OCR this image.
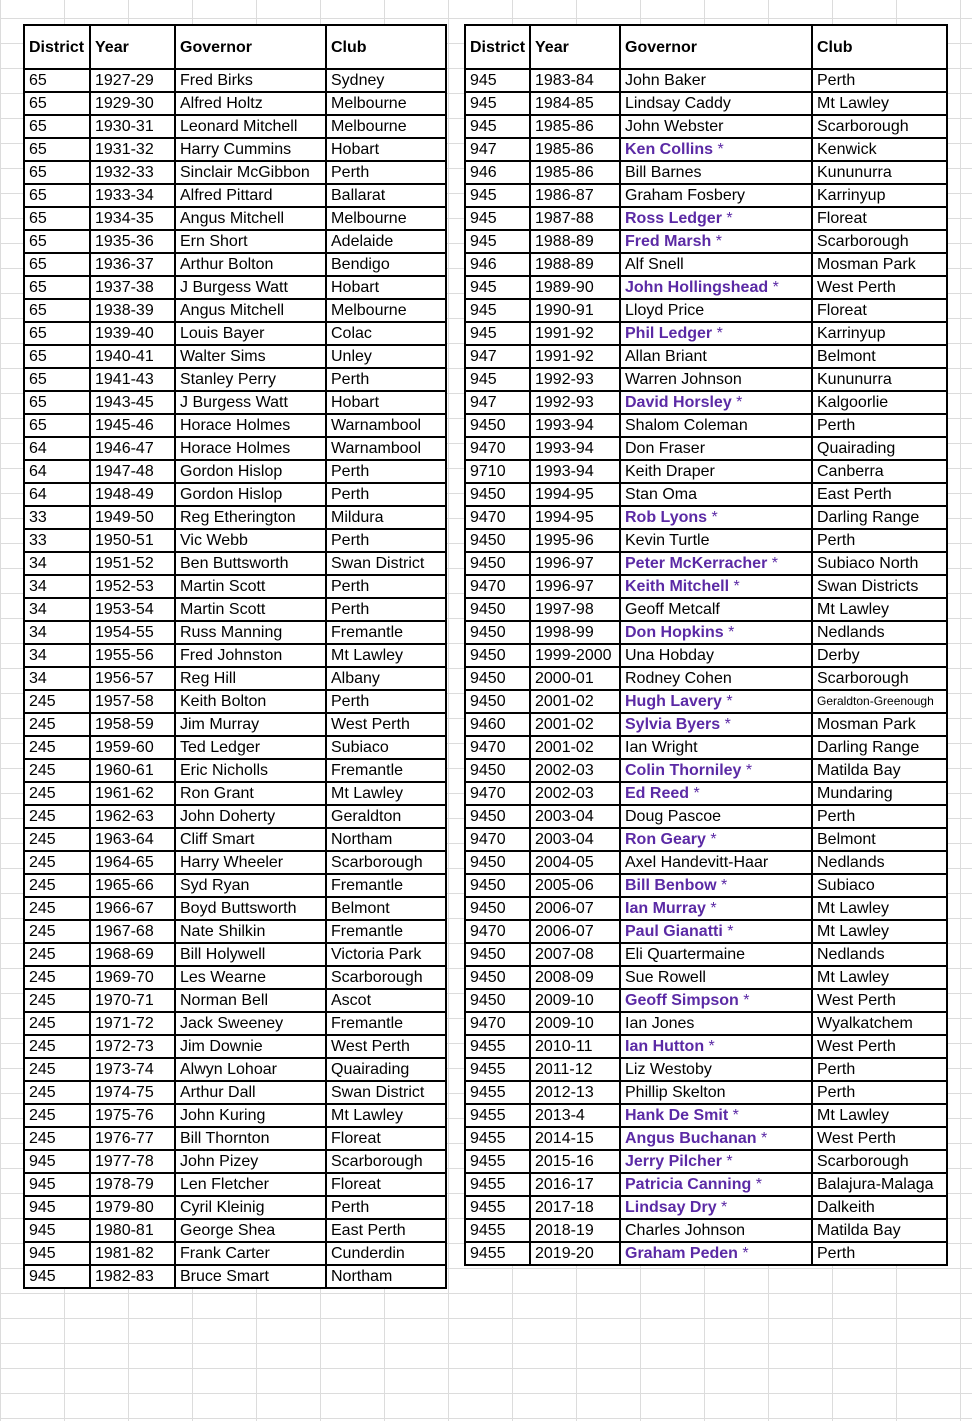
District	Year	Governor	Club
65	1927-29	Fred Birks	Sydney
65	1929-30	Alfred Holtz	Melbourne
65	1930-31	Leonard Mitchell	Melbourne
65	1931-32	Harry Cummins	Hobart
65	1932-33	Sinclair McGibbon	Perth
65	1933-34	Alfred Pittard	Ballarat
65	1934-35	Angus Mitchell	Melbourne
65	1935-36	Ern Short	Adelaide
65	1936-37	Arthur Bolton	Bendigo
65	1937-38	J Burgess Watt	Hobart
65	1938-39	Angus Mitchell	Melbourne
65	1939-40	Louis Bayer	Colac
65	1940-41	Walter Sims	Unley
65	1941-43	Stanley Perry	Perth
65	1943-45	J Burgess Watt	Hobart
65	1945-46	Horace Holmes	Warnambool
64	1946-47	Horace Holmes	Warnambool
64	1947-48	Gordon Hislop	Perth
64	1948-49	Gordon Hislop	Perth
33	1949-50	Reg Etherington	Mildura
33	1950-51	Vic Webb	Perth
34	1951-52	Ben Buttsworth	Swan District
34	1952-53	Martin Scott	Perth
34	1953-54	Martin Scott	Perth
34	1954-55	Russ Manning	Fremantle
34	1955-56	Fred Johnston	Mt Lawley
34	1956-57	Reg Hill	Albany
245	1957-58	Keith Bolton	Perth
245	1958-59	Jim Murray	West Perth
245	1959-60	Ted Ledger	Subiaco
245	1960-61	Eric Nicholls	Fremantle
245	1961-62	Ron Grant	Mt Lawley
245	1962-63	John Doherty	Geraldton
245	1963-64	Cliff Smart	Northam
245	1964-65	Harry Wheeler	Scarborough
245	1965-66	Syd Ryan	Fremantle
245	1966-67	Boyd Buttsworth	Belmont
245	1967-68	Nate Shilkin	Fremantle
245	1968-69	Bill Holywell	Victoria Park
245	1969-70	Les Wearne	Scarborough
245	1970-71	Norman Bell	Ascot
245	1971-72	Jack Sweeney	Fremantle
245	1972-73	Jim Downie	West Perth
245	1973-74	Alwyn Lohoar	Quairading
245	1974-75	Arthur Dall	Swan District
245	1975-76	John Kuring	Mt Lawley
245	1976-77	Bill Thornton	Floreat
945	1977-78	John Pizey	Scarborough
945	1978-79	Len Fletcher	Floreat
945	1979-80	Cyril Kleinig	Perth
945	1980-81	George Shea	East Perth
945	1981-82	Frank Carter	Cunderdin
945	1982-83	Bruce Smart	Northam
District	Year	Governor	Club
945	1983-84	John Baker	Perth
945	1984-85	Lindsay Caddy	Mt Lawley
945	1985-86	John Webster	Scarborough
947	1985-86	Ken Collins *	Kenwick
946	1985-86	Bill Barnes	Kununurra
945	1986-87	Graham Fosbery	Karrinyup
945	1987-88	Ross Ledger *	Floreat
945	1988-89	Fred Marsh *	Scarborough
946	1988-89	Alf Snell	Mosman Park
945	1989-90	John Hollingshead *	West Perth
945	1990-91	Lloyd Price	Floreat
945	1991-92	Phil Ledger *	Karrinyup
947	1991-92	Allan Briant	Belmont
945	1992-93	Warren Johnson	Kununurra
947	1992-93	David Horsley *	Kalgoorlie
9450	1993-94	Shalom Coleman	Perth
9470	1993-94	Don Fraser	Quairading
9710	1993-94	Keith Draper	Canberra
9450	1994-95	Stan Oma	East Perth
9470	1994-95	Rob Lyons *	Darling Range
9450	1995-96	Kevin Turtle	Perth
9450	1996-97	Peter McKerracher *	Subiaco North
9470	1996-97	Keith Mitchell *	Swan Districts
9450	1997-98	Geoff Metcalf	Mt Lawley
9450	1998-99	Don Hopkins *	Nedlands
9450	1999-2000	Una Hobday	Derby
9450	2000-01	Rodney Cohen	Scarborough
9450	2001-02	Hugh Lavery *	Geraldton-Greenough
9460	2001-02	Sylvia Byers *	Mosman Park
9470	2001-02	Ian Wright	Darling Range
9450	2002-03	Colin Thorniley *	Matilda Bay
9470	2002-03	Ed Reed *	Mundaring
9450	2003-04	Doug Pascoe	Perth
9470	2003-04	Ron Geary *	Belmont
9450	2004-05	Axel Handevitt-Haar	Nedlands
9450	2005-06	Bill Benbow *	Subiaco
9450	2006-07	Ian Murray *	Mt Lawley
9470	2006-07	Paul Gianatti *	Mt Lawley
9450	2007-08	Eli Quartermaine	Nedlands
9450	2008-09	Sue Rowell	Mt Lawley
9450	2009-10	Geoff Simpson *	West Perth
9470	2009-10	Ian Jones	Wyalkatchem
9455	2010-11	Ian Hutton *	West Perth
9455	2011-12	Liz Westoby	Perth
9455	2012-13	Phillip Skelton	Perth
9455	2013-4	Hank De Smit *	Mt Lawley
9455	2014-15	Angus Buchanan *	West Perth
9455	2015-16	Jerry Pilcher *	Scarborough
9455	2016-17	Patricia Canning *	Balajura-Malaga
9455	2017-18	Lindsay Dry *	Dalkeith
9455	2018-19	Charles Johnson	Matilda Bay
9455	2019-20	Graham Peden *	Perth
